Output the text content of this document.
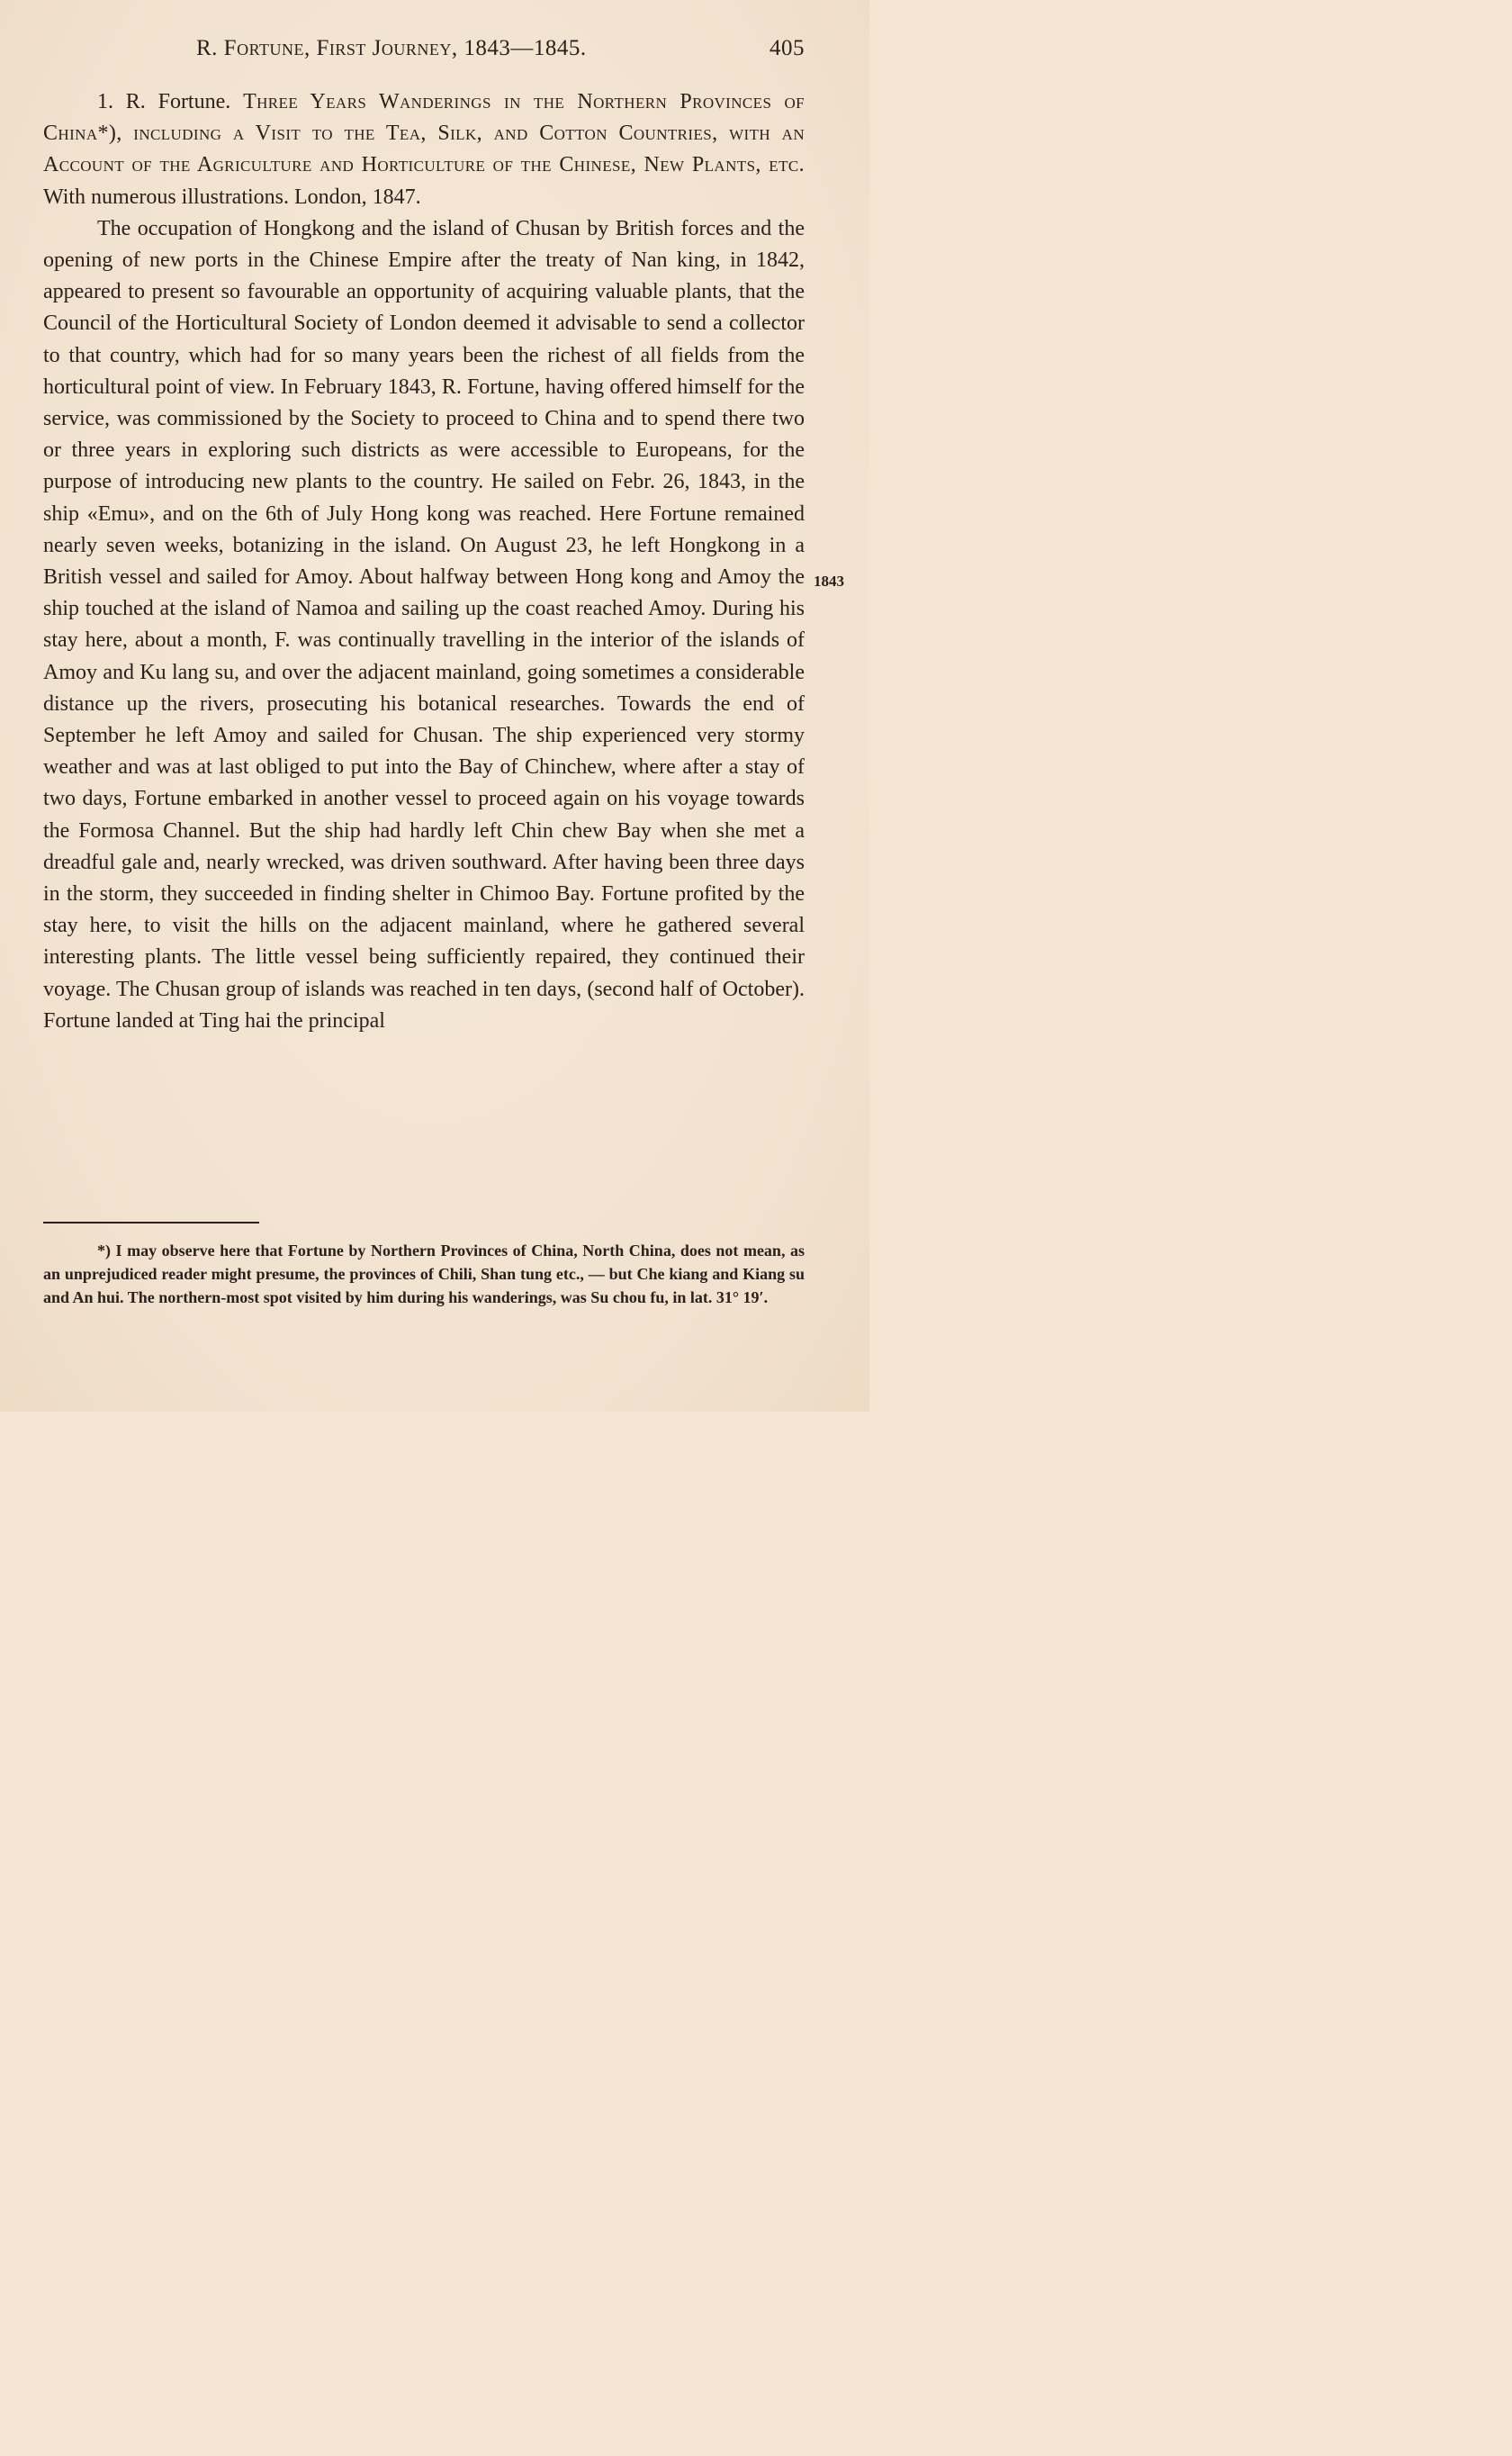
R. Fortune, First Journey, 1843—1845.	405

1. R. Fortune. Three Years Wanderings in the Northern Provinces of China*), including a Visit to the Tea, Silk, and Cotton Countries, with an Account of the Agriculture and Horticulture of the Chinese, New Plants, etc. With numerous illustrations. London, 1847.

The occupation of Hongkong and the island of Chusan by British forces and the opening of new ports in the Chinese Empire after the treaty of Nan king, in 1842, appeared to present so favourable an opportunity of acquiring valuable plants, that the Council of the Horticultural Society of London deemed it advisable to send a collector to that country, which had for so many years been the richest of all fields from the horticultural point of view. In February 1843, R. Fortune, having offered himself for the service, was commissioned by the Society to proceed to China and to spend there two or three years in exploring such districts as were accessible to Europeans, for the purpose of introducing new plants to the country. He sailed on Febr. 26, 1843, in the ship «Emu», and on the 6th of July Hong kong was reached. Here Fortune remained nearly seven weeks, botanizing in the island. On August 23, he left Hongkong in a British vessel and sailed for Amoy. About halfway between Hong kong and Amoy the ship touched at the island of Namoa and sailing up the coast reached Amoy. During his stay here, about a month, F. was continually travelling in the interior of the islands of Amoy and Ku lang su, and over the adjacent mainland, going sometimes a considerable distance up the rivers, prosecuting his botanical researches. Towards the end of September he left Amoy and sailed for Chusan. The ship experienced very stormy weather and was at last obliged to put into the Bay of Chinchew, where after a stay of two days, Fortune embarked in another vessel to proceed again on his voyage towards the Formosa Channel. But the ship had hardly left Chin chew Bay when she met a dreadful gale and, nearly wrecked, was driven southward. After having been three days in the storm, they succeeded in finding shelter in Chimoo Bay. Fortune profited by the stay here, to visit the hills on the adjacent mainland, where he gathered several interesting plants. The little vessel being sufficiently repaired, they continued their voyage. The Chusan group of islands was reached in ten days, (second half of October). Fortune landed at Ting hai the principal

1843

*) I may observe here that Fortune by Northern Provinces of China, North China, does not mean, as an unprejudiced reader might presume, the provinces of Chili, Shan tung etc., — but Che kiang and Kiang su and An hui. The northern-most spot visited by him during his wanderings, was Su chou fu, in lat. 31° 19′.
